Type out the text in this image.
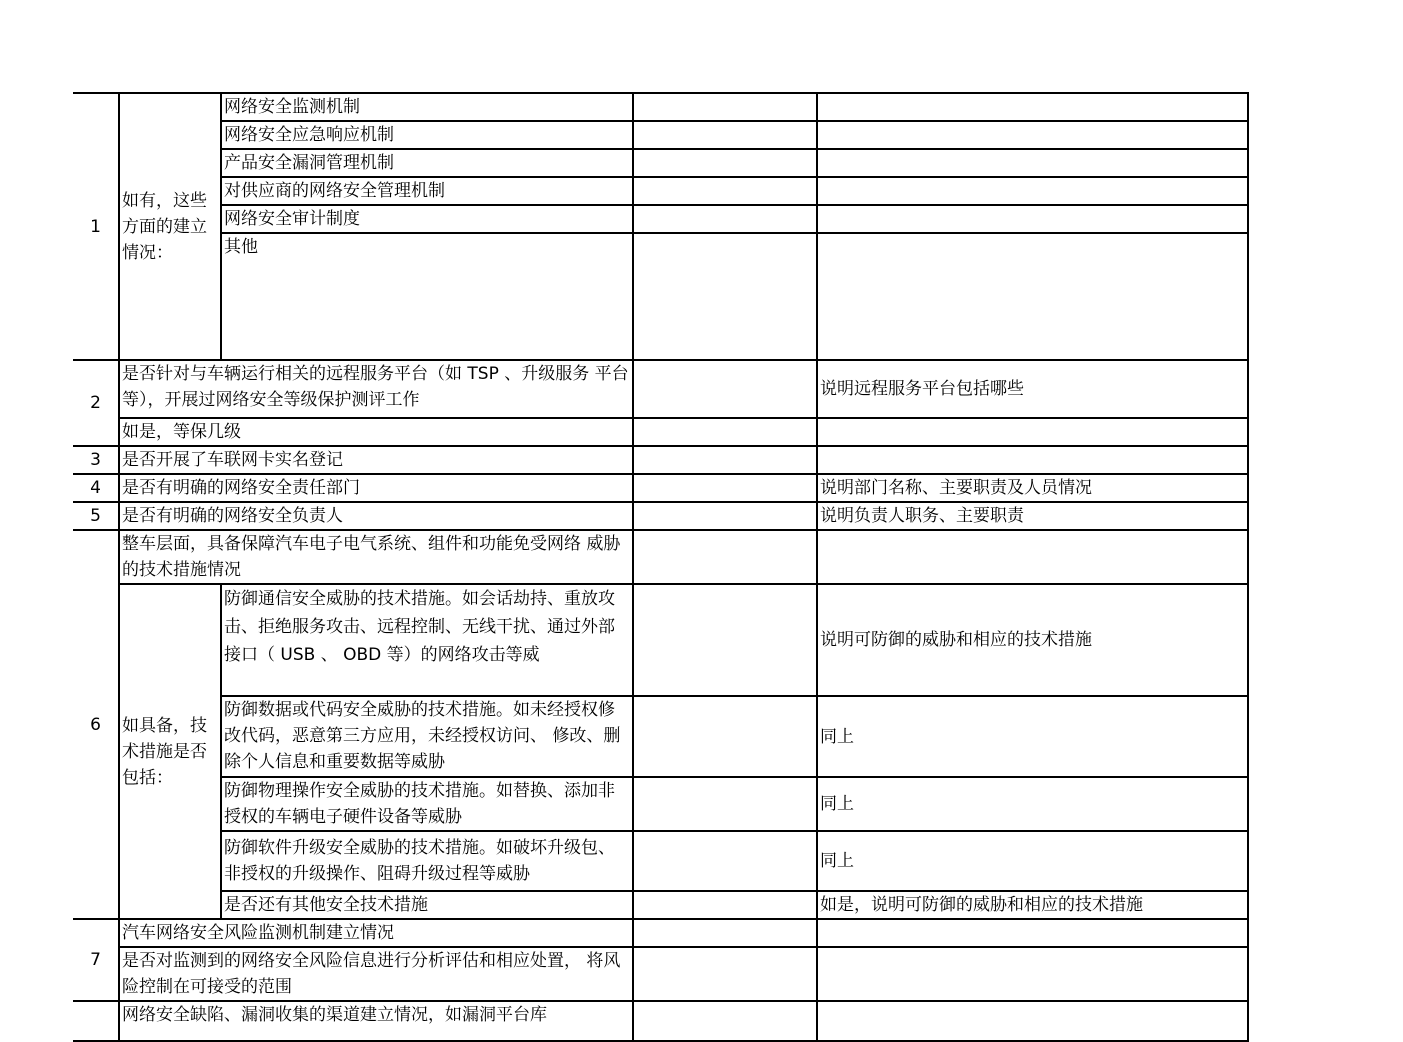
1	如有，这些方面的建立情况：	网络安全监测机制		
		网络安全应急响应机制		
		产品安全漏洞管理机制		
		对供应商的网络安全管理机制		
		网络安全审计制度		
		其他		
2	是否针对与车辆运行相关的远程服务平台（如 TSP 、升级服务 平台等），开展过网络安全等级保护测评工作			说明远程服务平台包括哪些
	如是，等保几级			
3	是否开展了车联网卡实名登记			
4	是否有明确的网络安全责任部门			说明部门名称、主要职责及人员情况
5	是否有明确的网络安全负责人			说明负责人职务、主要职责
6	整车层面，具备保障汽车电子电气系统、组件和功能免受网络 威胁的技术措施情况			
	如具备，技术措施是否包括：	防御通信安全威胁的技术措施。如会话劫持、重放攻击、拒绝服务攻击、远程控制、无线干扰、通过外部接口（ USB 、 OBD 等）的网络攻击等威		说明可防御的威胁和相应的技术措施
		防御数据或代码安全威胁的技术措施。如未经授权修改代码，恶意第三方应用，未经授权访问、 修改、删除个人信息和重要数据等威胁		同上
		防御物理操作安全威胁的技术措施。如替换、添加非授权的车辆电子硬件设备等威胁		同上
		防御软件升级安全威胁的技术措施。如破坏升级包、非授权的升级操作、阻碍升级过程等威胁		同上
		是否还有其他安全技术措施		如是，说明可防御的威胁和相应的技术措施
7	汽车网络安全风险监测机制建立情况			
	是否对监测到的网络安全风险信息进行分析评估和相应处置， 将风险控制在可接受的范围			
	网络安全缺陷、漏洞收集的渠道建立情况，如漏洞平台库			
